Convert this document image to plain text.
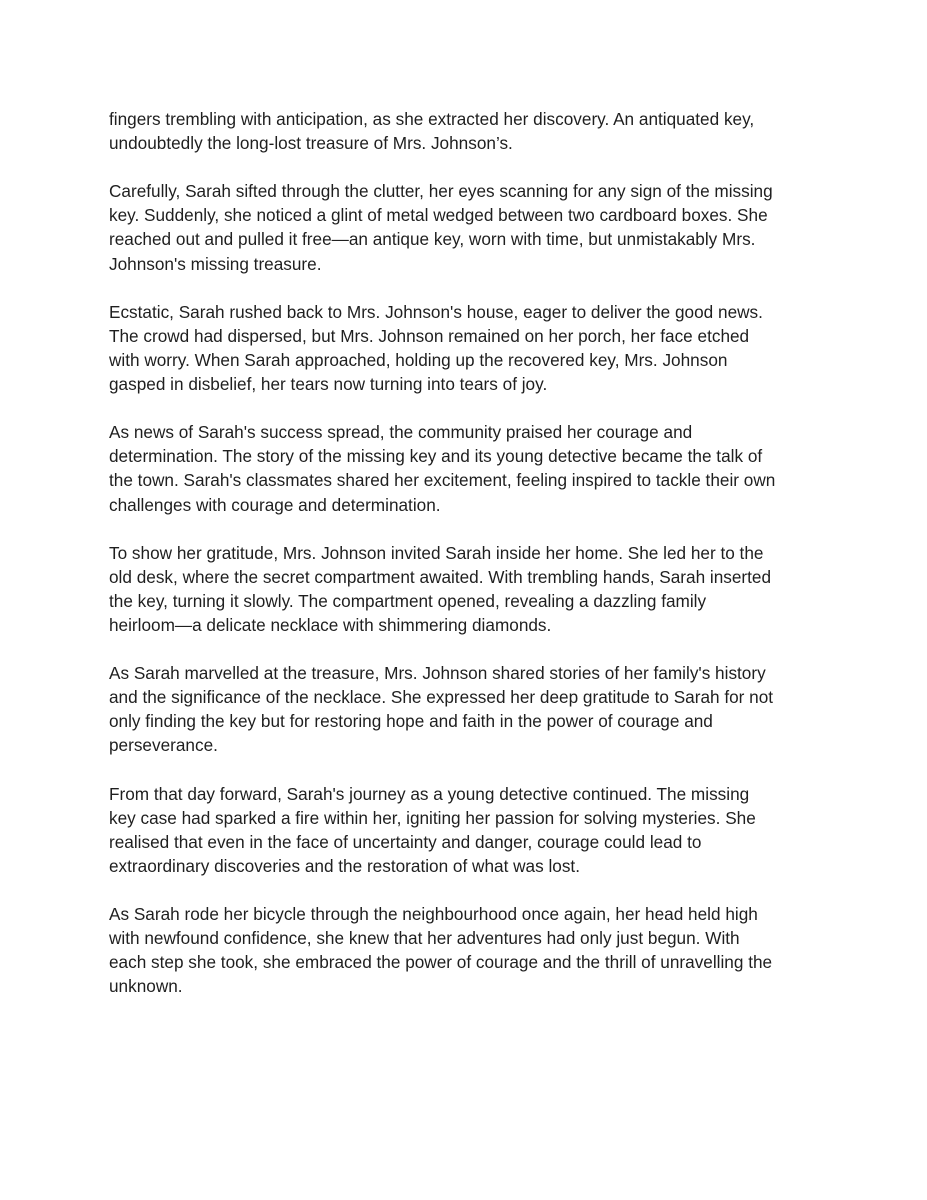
fingers trembling with anticipation, as she extracted her discovery. An antiquated key,
undoubtedly the long-lost treasure of Mrs. Johnson’s.

Carefully, Sarah sifted through the clutter, her eyes scanning for any sign of the missing
key. Suddenly, she noticed a glint of metal wedged between two cardboard boxes. She
reached out and pulled it free—an antique key, worn with time, but unmistakably Mrs.
Johnson's missing treasure.

Ecstatic, Sarah rushed back to Mrs. Johnson's house, eager to deliver the good news.
The crowd had dispersed, but Mrs. Johnson remained on her porch, her face etched
with worry. When Sarah approached, holding up the recovered key, Mrs. Johnson
gasped in disbelief, her tears now turning into tears of joy.

As news of Sarah's success spread, the community praised her courage and
determination. The story of the missing key and its young detective became the talk of
the town. Sarah's classmates shared her excitement, feeling inspired to tackle their own
challenges with courage and determination.

To show her gratitude, Mrs. Johnson invited Sarah inside her home. She led her to the
old desk, where the secret compartment awaited. With trembling hands, Sarah inserted
the key, turning it slowly. The compartment opened, revealing a dazzling family
heirloom—a delicate necklace with shimmering diamonds.

As Sarah marvelled at the treasure, Mrs. Johnson shared stories of her family's history
and the significance of the necklace. She expressed her deep gratitude to Sarah for not
only finding the key but for restoring hope and faith in the power of courage and
perseverance.

From that day forward, Sarah's journey as a young detective continued. The missing
key case had sparked a fire within her, igniting her passion for solving mysteries. She
realised that even in the face of uncertainty and danger, courage could lead to
extraordinary discoveries and the restoration of what was lost.

As Sarah rode her bicycle through the neighbourhood once again, her head held high
with newfound confidence, she knew that her adventures had only just begun. With
each step she took, she embraced the power of courage and the thrill of unravelling the
unknown.
